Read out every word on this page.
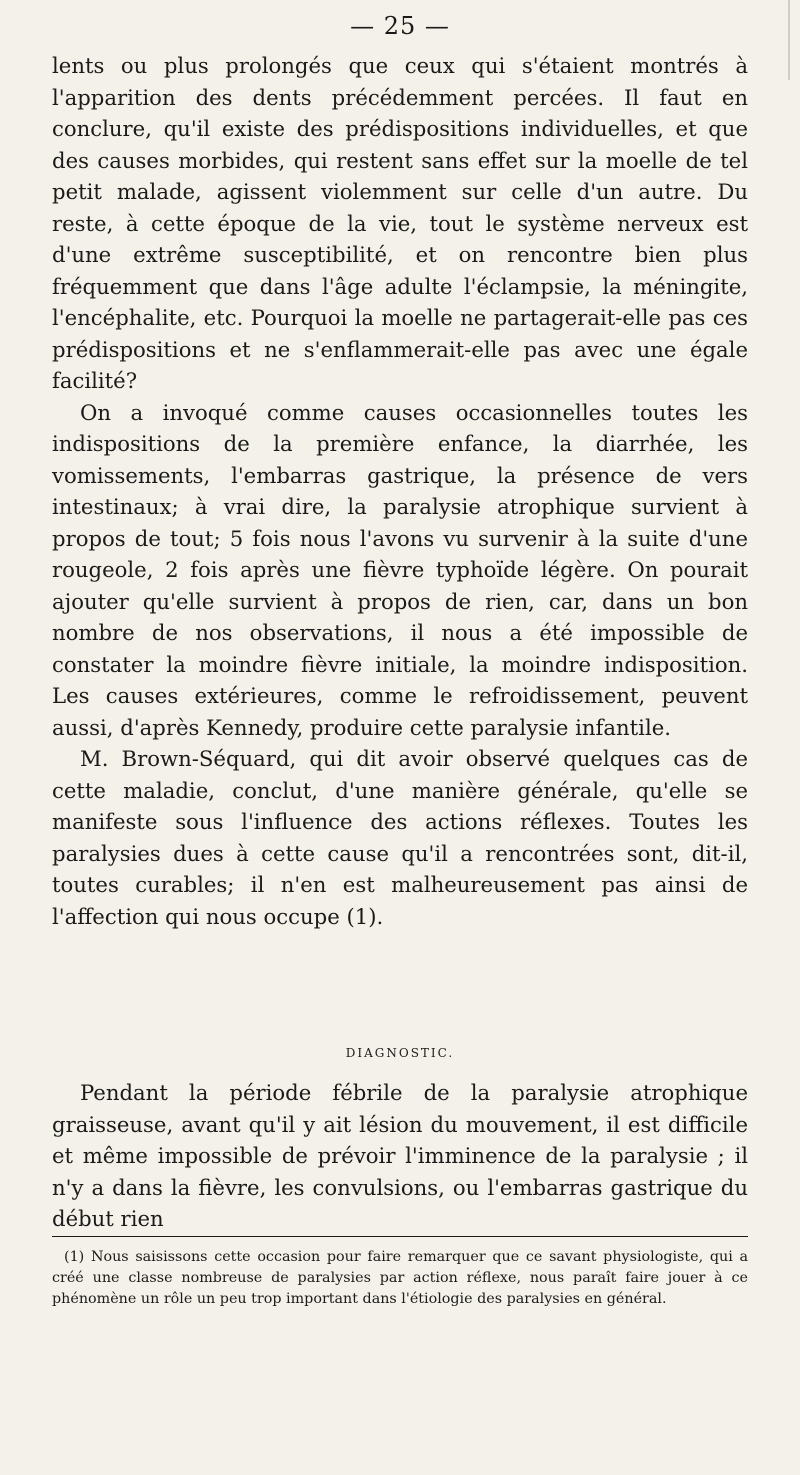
— 25 —

lents ou plus prolongés que ceux qui s'étaient montrés à l'apparition des dents précédemment percées. Il faut en conclure, qu'il existe des prédispositions individuelles, et que des causes morbides, qui restent sans effet sur la moelle de tel petit malade, agissent violemment sur celle d'un autre. Du reste, à cette époque de la vie, tout le système nerveux est d'une extrême susceptibilité, et on rencontre bien plus fréquemment que dans l'âge adulte l'éclampsie, la méningite, l'encéphalite, etc. Pourquoi la moelle ne partagerait-elle pas ces prédispositions et ne s'enflammerait-elle pas avec une égale facilité?

On a invoqué comme causes occasionnelles toutes les indispositions de la première enfance, la diarrhée, les vomissements, l'embarras gastrique, la présence de vers intestinaux; à vrai dire, la paralysie atrophique survient à propos de tout; 5 fois nous l'avons vu survenir à la suite d'une rougeole, 2 fois après une fièvre typhoïde légère. On pourait ajouter qu'elle survient à propos de rien, car, dans un bon nombre de nos observations, il nous a été impossible de constater la moindre fièvre initiale, la moindre indisposition. Les causes extérieures, comme le refroidissement, peuvent aussi, d'après Kennedy, produire cette paralysie infantile.

M. Brown-Séquard, qui dit avoir observé quelques cas de cette maladie, conclut, d'une manière générale, qu'elle se manifeste sous l'influence des actions réflexes. Toutes les paralysies dues à cette cause qu'il a rencontrées sont, dit-il, toutes curables; il n'en est malheureusement pas ainsi de l'affection qui nous occupe (1).

DIAGNOSTIC.

Pendant la période fébrile de la paralysie atrophique graisseuse, avant qu'il y ait lésion du mouvement, il est difficile et même impossible de prévoir l'imminence de la paralysie ; il n'y a dans la fièvre, les convulsions, ou l'embarras gastrique du début rien

(1) Nous saisissons cette occasion pour faire remarquer que ce savant physiologiste, qui a créé une classe nombreuse de paralysies par action réflexe, nous paraît faire jouer à ce phénomène un rôle un peu trop important dans l'étiologie des paralysies en général.
